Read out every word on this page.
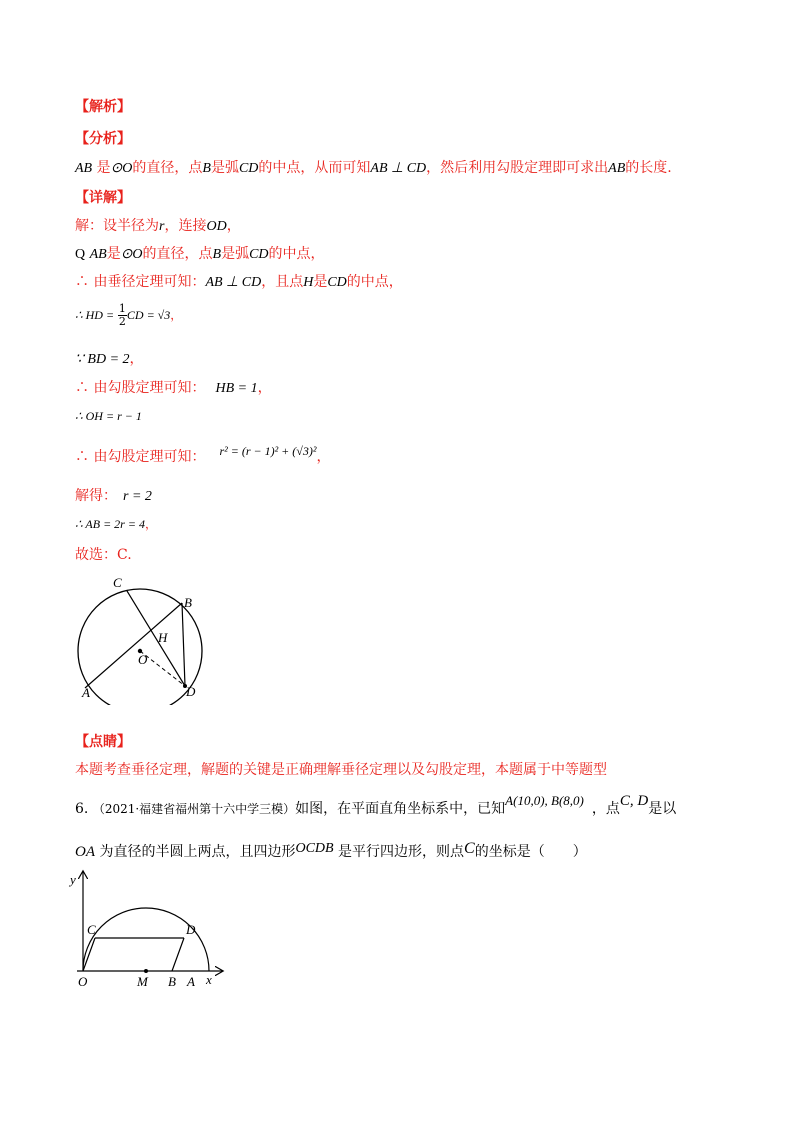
【解析】
【分析】
AB 是⊙O的直径，点B是弧CD的中点，从而可知AB ⊥ CD，然后利用勾股定理即可求出AB的长度.
【详解】
解：设半径为r，连接OD，
Q AB是⊙O的直径，点B是弧CD的中点，
∴ 由垂径定理可知：AB ⊥ CD，且点H是CD的中点，
∴ HD = $\frac{1}{2}$ CD = √3，
∵ BD = 2，
∴ 由勾股定理可知： HB = 1，
∴ OH = r − 1
∴ 由勾股定理可知： r² = (r − 1)² + (√3)²，
解得： r = 2
∴ AB = 2r = 4，
故选：C.
C
B
H
O
A	D
【点睛】
本题考查垂径定理，解题的关键是正确理解垂径定理以及勾股定理，本题属于中等题型
6. （2021·福建省福州第十六中学三模）如图，在平面直角坐标系中，已知A(10,0), B(8,0)，点C, D是以
OA 为直径的半圆上两点，且四边形OCDB 是平行四边形，则点C的坐标是（　　）
y
C	D
O	M B A x
